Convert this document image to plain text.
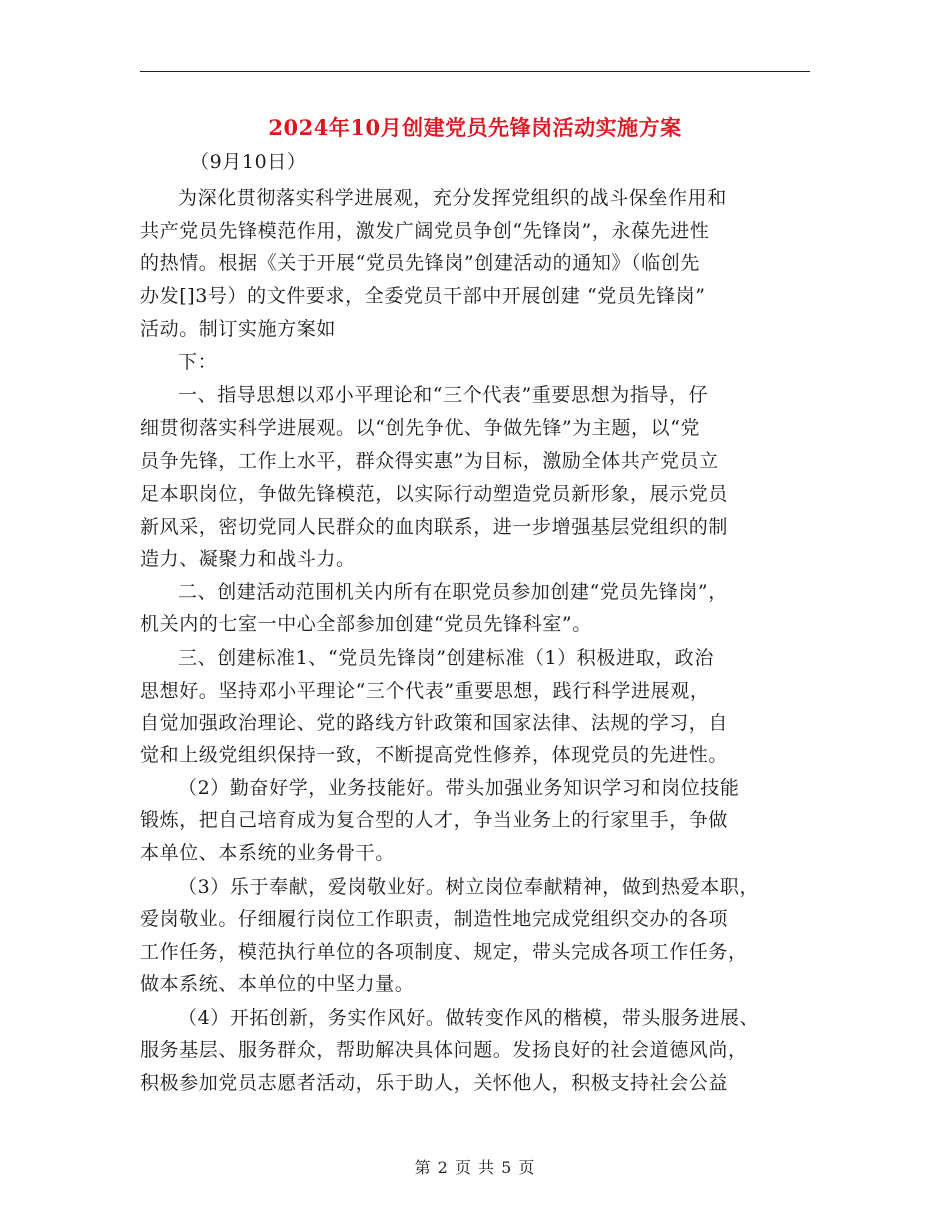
2024年10月创建党员先锋岗活动实施方案
（9月10日）
为深化贯彻落实科学进展观，充分发挥党组织的战斗保垒作用和
共产党员先锋模范作用，激发广阔党员争创“先锋岗”，永葆先进性
的热情。根据《关于开展“党员先锋岗”创建活动的通知》（临创先
办发[]3号）的文件要求，全委党员干部中开展创建 “党员先锋岗”
活动。制订实施方案如
下：
一、指导思想以邓小平理论和“三个代表”重要思想为指导，仔
细贯彻落实科学进展观。以“创先争优、争做先锋”为主题，以“党
员争先锋，工作上水平，群众得实惠”为目标，激励全体共产党员立
足本职岗位，争做先锋模范，以实际行动塑造党员新形象，展示党员
新风采，密切党同人民群众的血肉联系，进一步增强基层党组织的制
造力、凝聚力和战斗力。
二、创建活动范围机关内所有在职党员参加创建“党员先锋岗”，
机关内的七室一中心全部参加创建“党员先锋科室”。
三、创建标准1、“党员先锋岗”创建标准（1）积极进取，政治
思想好。坚持邓小平理论“三个代表”重要思想，践行科学进展观，
自觉加强政治理论、党的路线方针政策和国家法律、法规的学习，自
觉和上级党组织保持一致，不断提高党性修养，体现党员的先进性。
（2）勤奋好学，业务技能好。带头加强业务知识学习和岗位技能
锻炼，把自己培育成为复合型的人才，争当业务上的行家里手，争做
本单位、本系统的业务骨干。
（3）乐于奉献，爱岗敬业好。树立岗位奉献精神，做到热爱本职，
爱岗敬业。仔细履行岗位工作职责，制造性地完成党组织交办的各项
工作任务，模范执行单位的各项制度、规定，带头完成各项工作任务，
做本系统、本单位的中坚力量。
（4）开拓创新，务实作风好。做转变作风的楷模，带头服务进展、
服务基层、服务群众，帮助解决具体问题。发扬良好的社会道德风尚，
积极参加党员志愿者活动，乐于助人，关怀他人，积极支持社会公益
第 2 页 共 5 页
